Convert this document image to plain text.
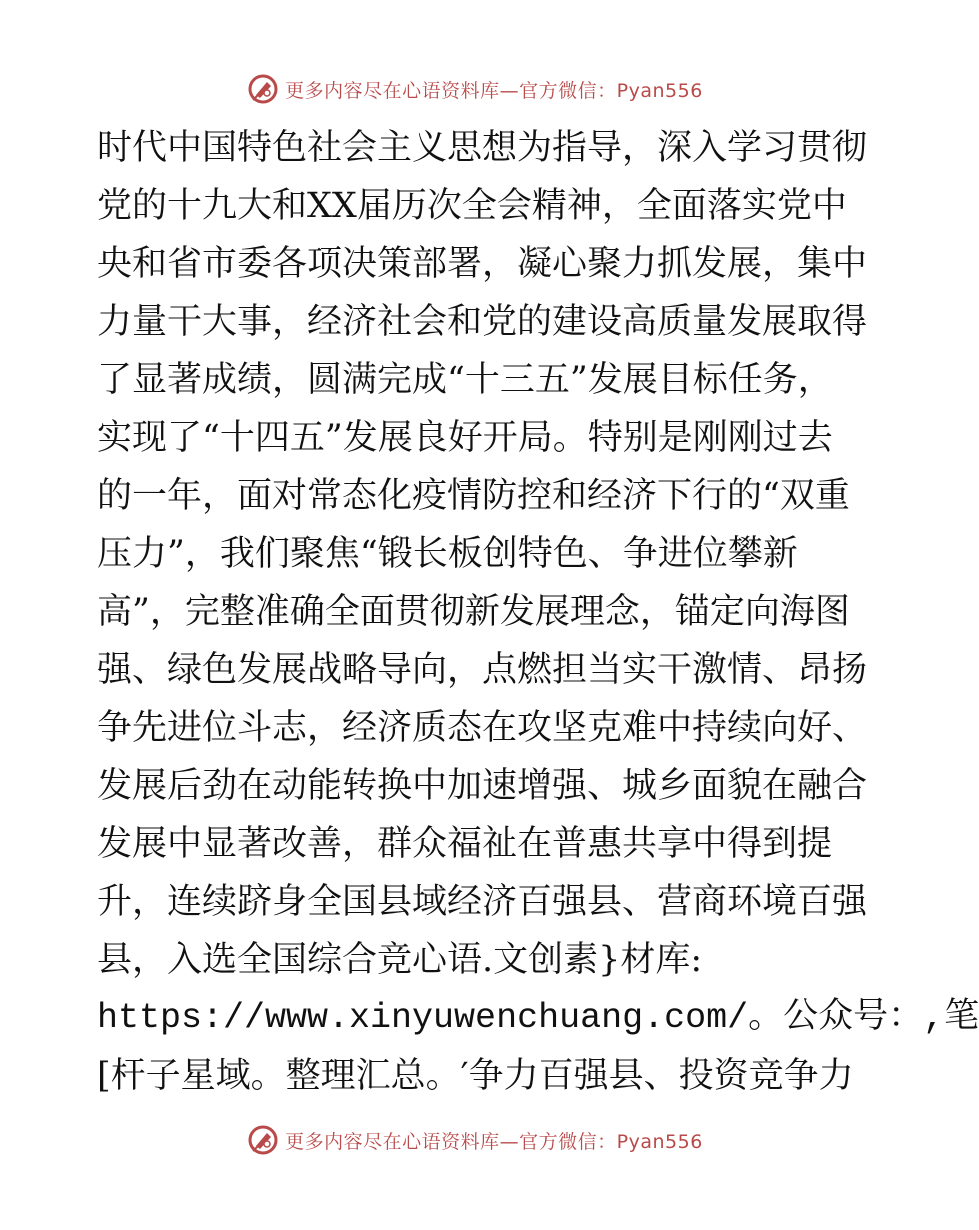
更多内容尽在心语资料库—官方微信：Pyan556
时代中国特色社会主义思想为指导，深入学习贯彻
党的十九大和XX届历次全会精神，全面落实党中
央和省市委各项决策部署，凝心聚力抓发展，集中
力量干大事，经济社会和党的建设高质量发展取得
了显著成绩，圆满完成“十三五”发展目标任务，
实现了“十四五”发展良好开局。特别是刚刚过去
的一年，面对常态化疫情防控和经济下行的“双重
压力”，我们聚焦“锻长板创特色、争进位攀新
高”，完整准确全面贯彻新发展理念，锚定向海图
强、绿色发展战略导向，点燃担当实干激情、昂扬
争先进位斗志，经济质态在攻坚克难中持续向好、
发展后劲在动能转换中加速增强、城乡面貌在融合
发展中显著改善，群众福祉在普惠共享中得到提
升，连续跻身全国县域经济百强县、营商环境百强
县，入选全国综合竞心语.文创素}材库:
https://www.xinyuwenchuang.com/。公众号：,笔
[杆子星域。整理汇总。′争力百强县、投资竞争力
更多内容尽在心语资料库—官方微信：Pyan556
